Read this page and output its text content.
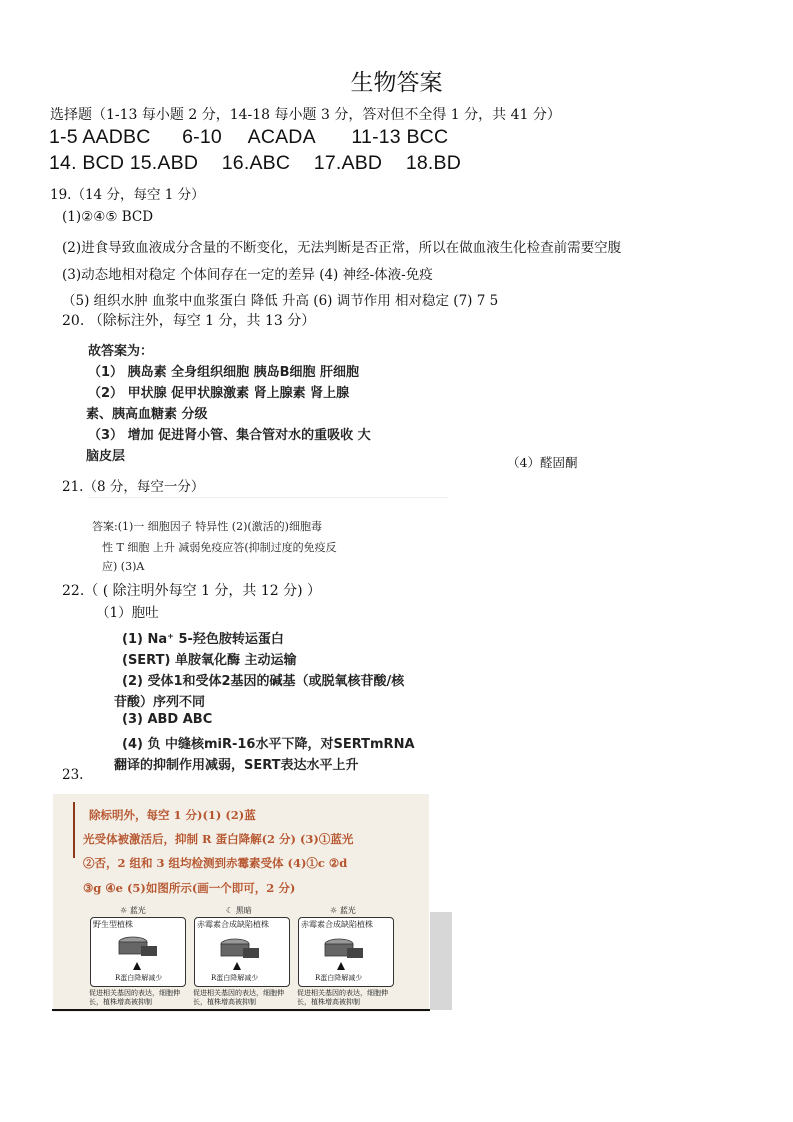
生物答案
选择题（1-13 每小题 2 分，14-18 每小题 3 分，答对但不全得 1 分，共 41 分）
1-5 AADBC 6-10 ACADA 11-13 BCC
14. BCD 15.ABD 16.ABC 17.ABD 18.BD
19.（14 分，每空 1 分）
(1)②④⑤ BCD
(2)进食导致血液成分含量的不断变化，无法判断是否正常，所以在做血液生化检查前需要空腹
(3)动态地相对稳定 个体间存在一定的差异 (4) 神经-体液-免疫
（5) 组织水肿 血浆中血浆蛋白 降低 升高 (6) 调节作用 相对稳定 (7) 7 5
20. （除标注外，每空 1 分，共 13 分）
故答案为：
（1） 胰岛素 全身组织细胞 胰岛B细胞 肝细胞
（2） 甲状腺 促甲状腺激素 肾上腺素 肾上腺
素、胰高血糖素 分级
（3） 增加 促进肾小管、集合管对水的重吸收 大
脑皮层	（4）醛固酮
21.（8 分，每空一分）
答案:(1)一 细胞因子 特异性 (2)(激活的)细胞毒
性 T 细胞 上升 减弱免疫应答(抑制过度的免疫反
应) (3)A
22.（ ( 除注明外每空 1 分，共 12 分) ）
（1）胞吐
(1) Na⁺ 5-羟色胺转运蛋白
(SERT) 单胺氧化酶 主动运输
(2) 受体1和受体2基因的碱基（或脱氧核苷酸/核
苷酸）序列不同
(3) ABD ABC
(4) 负 中缝核miR-16水平下降，对SERTmRNA
翻译的抑制作用减弱，SERT表达水平上升
23.
除标明外，每空 1 分)(1) (2)蓝
光受体被激活后，抑制 R 蛋白降解(2 分) (3)①蓝光
②否，2 组和 3 组均检测到赤霉素受体 (4)①c ②d
③g ④e (5)如图所示(画一个即可，2 分)
☼ 蓝光	☾ 黑暗	☼ 蓝光
野生型植株
R蛋白降解减少
促进相关基因的表达，细胞伸长，植株增高被抑制
赤霉素合成缺陷植株
R蛋白降解减少
促进相关基因的表达，细胞伸长，植株增高被抑制
赤霉素合成缺陷植株
R蛋白降解减少
促进相关基因的表达，细胞伸长，植株增高被抑制
